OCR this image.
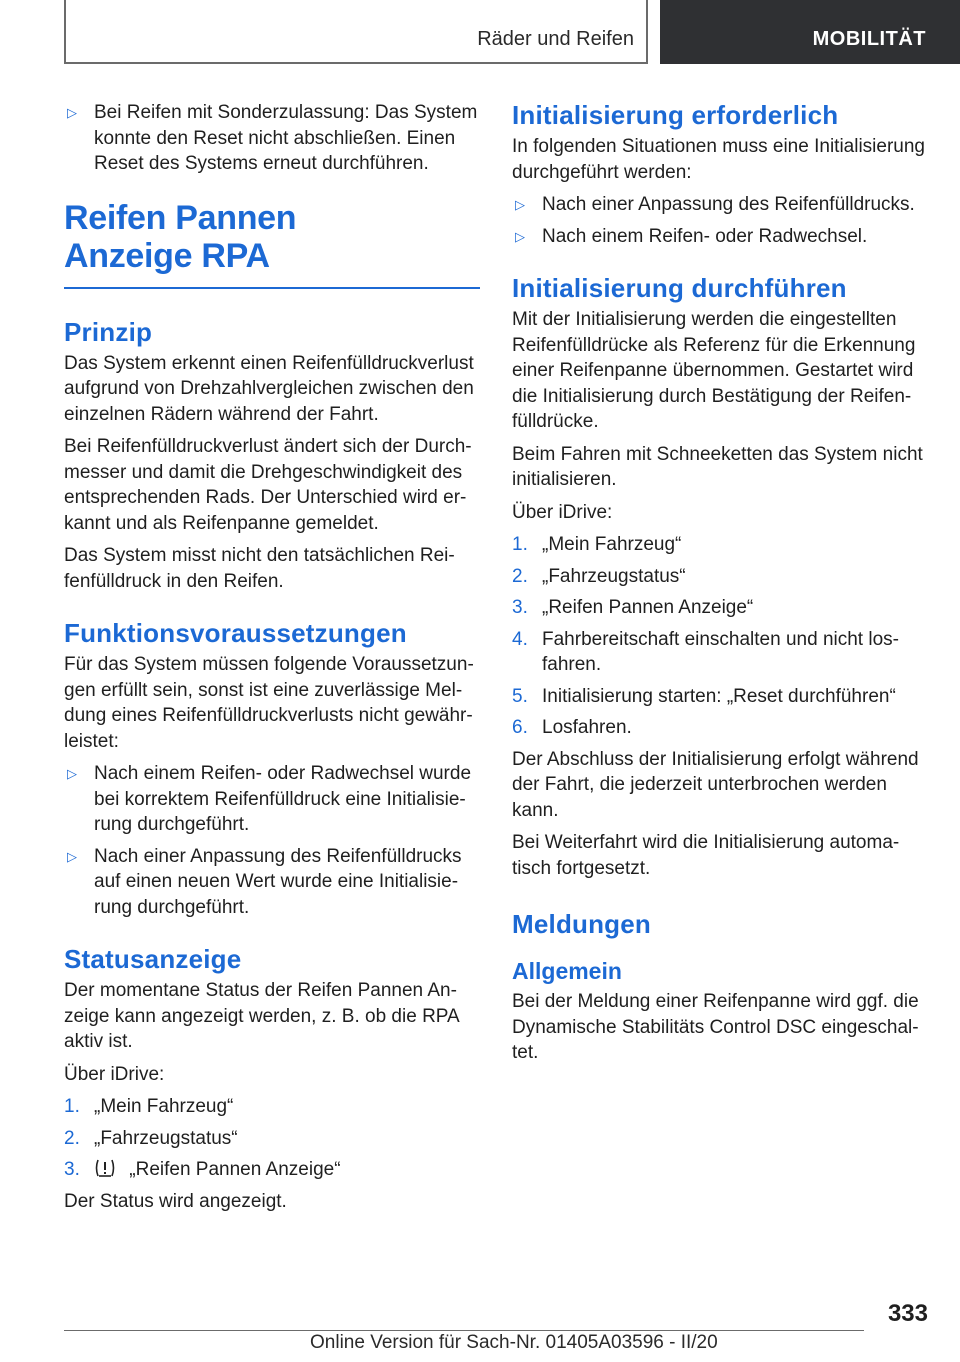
Räder und Reifen	MOBILITÄT
▷ Bei Reifen mit Sonderzulassung: Das System konnte den Reset nicht abschließen. Einen Reset des Systems erneut durchführen.
Reifen Pannen Anzeige RPA
Prinzip

Das System erkennt einen Reifenfülldruckverlust aufgrund von Drehzahlvergleichen zwischen den einzelnen Rädern während der Fahrt.

Bei Reifenfülldruckverlust ändert sich der Durchmesser und damit die Drehgeschwindigkeit des entsprechenden Rads. Der Unterschied wird erkannt und als Reifenpanne gemeldet.

Das System misst nicht den tatsächlichen Reifenfülldruck in den Reifen.

Funktionsvoraussetzungen

Für das System müssen folgende Voraussetzungen erfüllt sein, sonst ist eine zuverlässige Meldung eines Reifenfülldruckverlusts nicht gewährleistet:

▷ Nach einem Reifen- oder Radwechsel wurde bei korrektem Reifenfülldruck eine Initialisierung durchgeführt.
▷ Nach einer Anpassung des Reifenfülldrucks auf einen neuen Wert wurde eine Initialisierung durchgeführt.
Statusanzeige

Der momentane Status der Reifen Pannen Anzeige kann angezeigt werden, z. B. ob die RPA aktiv ist.

Über iDrive:

1. „Mein Fahrzeug“
2. „Fahrzeugstatus“
3.	„Reifen Pannen Anzeige“

Der Status wird angezeigt.

Initialisierung erforderlich

In folgenden Situationen muss eine Initialisierung durchgeführt werden:

▷ Nach einer Anpassung des Reifenfülldrucks.
▷ Nach einem Reifen- oder Radwechsel.
Initialisierung durchführen

Mit der Initialisierung werden die eingestellten Reifenfülldrücke als Referenz für die Erkennung einer Reifenpanne übernommen. Gestartet wird die Initialisierung durch Bestätigung der Reifenfülldrücke.

Beim Fahren mit Schneeketten das System nicht initialisieren.

Über iDrive:

1. „Mein Fahrzeug“
2. „Fahrzeugstatus“
3. „Reifen Pannen Anzeige“
4. Fahrbereitschaft einschalten und nicht losfahren.
5. Initialisierung starten: „Reset durchführen“
6. Losfahren.

Der Abschluss der Initialisierung erfolgt während der Fahrt, die jederzeit unterbrochen werden kann.

Bei Weiterfahrt wird die Initialisierung automatisch fortgesetzt.

Meldungen
Allgemein

Bei der Meldung einer Reifenpanne wird ggf. die Dynamische Stabilitäts Control DSC eingeschaltet.

333
Online Version für Sach-Nr. 01405A03596 - II/20
